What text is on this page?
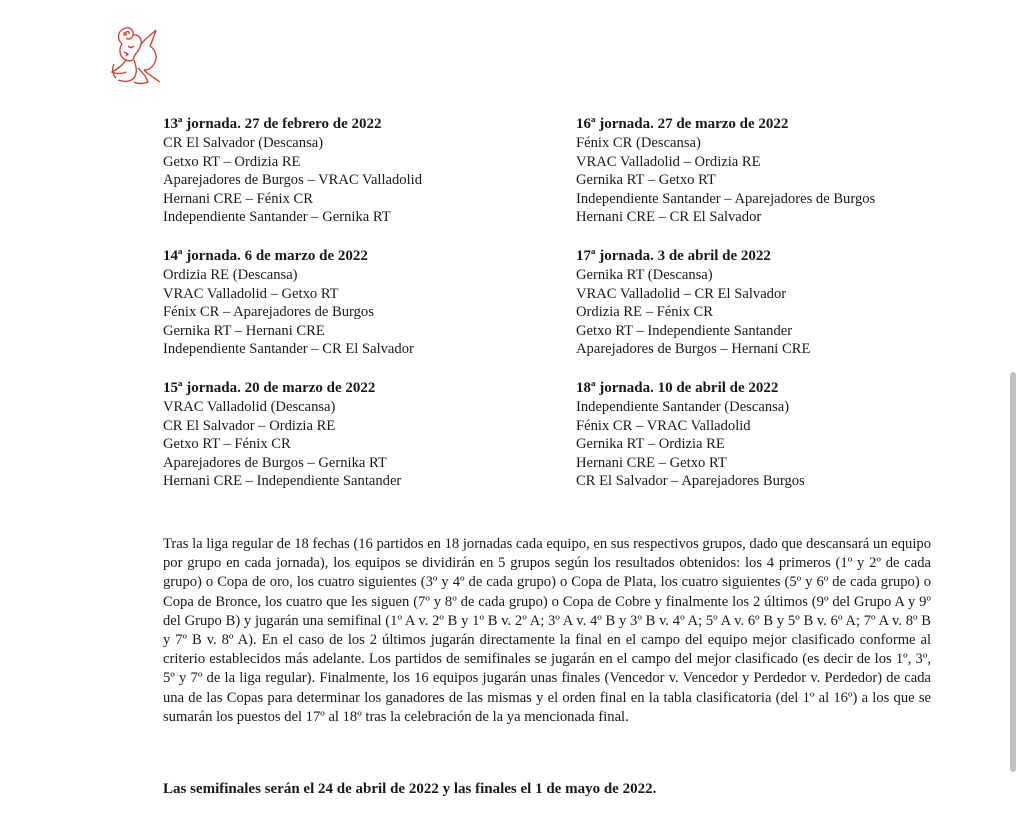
13ª jornada. 27 de febrero de 2022
CR El Salvador (Descansa)
Getxo RT – Ordizia RE
Aparejadores de Burgos – VRAC Valladolid
Hernani CRE – Fénix CR
Independiente Santander – Gernika RT
14ª jornada. 6 de marzo de 2022
Ordizia RE (Descansa)
VRAC Valladolid – Getxo RT
Fénix CR – Aparejadores de Burgos
Gernika RT – Hernani CRE
Independiente Santander – CR El Salvador
15ª jornada. 20 de marzo de 2022
VRAC Valladolid (Descansa)
CR El Salvador – Ordizia RE
Getxo RT – Fénix CR
Aparejadores de Burgos – Gernika RT
Hernani CRE – Independiente Santander
16ª jornada. 27 de marzo de 2022
Fénix CR (Descansa)
VRAC Valladolid – Ordizia RE
Gernika RT – Getxo RT
Independiente Santander – Aparejadores de Burgos
Hernani CRE – CR El Salvador
17ª jornada. 3 de abril de 2022
Gernika RT (Descansa)
VRAC Valladolid – CR El Salvador
Ordizia RE – Fénix CR
Getxo RT – Independiente Santander
Aparejadores de Burgos – Hernani CRE
18ª jornada. 10 de abril de 2022
Independiente Santander (Descansa)
Fénix CR – VRAC Valladolid
Gernika RT – Ordizia RE
Hernani CRE – Getxo RT
CR El Salvador – Aparejadores Burgos
Tras la liga regular de 18 fechas (16 partidos en 18 jornadas cada equipo, en sus respectivos grupos, dado que descansará un equipo por grupo en cada jornada), los equipos se dividirán en 5 grupos según los resultados obtenidos: los 4 primeros (1º y 2º de cada grupo) o Copa de oro, los cuatro siguientes (3º y 4º de cada grupo) o Copa de Plata, los cuatro siguientes (5º y 6º de cada grupo) o Copa de Bronce, los cuatro que les siguen (7º y 8º de cada grupo) o Copa de Cobre y finalmente los 2 últimos (9º del Grupo A y 9º del Grupo B) y jugarán una semifinal (1º A v. 2º B y 1º B v. 2º A; 3º A v. 4º B y 3º B v. 4º A; 5º A v. 6º B y 5º B v. 6º A; 7º A v. 8º B y 7º B v. 8º A). En el caso de los 2 últimos jugarán directamente la final en el campo del equipo mejor clasificado conforme al criterio establecidos más adelante. Los partidos de semifinales se jugarán en el campo del mejor clasificado (es decir de los 1º, 3º, 5º y 7º de la liga regular). Finalmente, los 16 equipos jugarán unas finales (Vencedor v. Vencedor y Perdedor v. Perdedor) de cada una de las Copas para determinar los ganadores de las mismas y el orden final en la tabla clasificatoria (del 1º al 16º) a los que se sumarán los puestos del 17º al 18º tras la celebración de la ya mencionada final.
Las semifinales serán el 24 de abril de 2022 y las finales el 1 de mayo de 2022.
